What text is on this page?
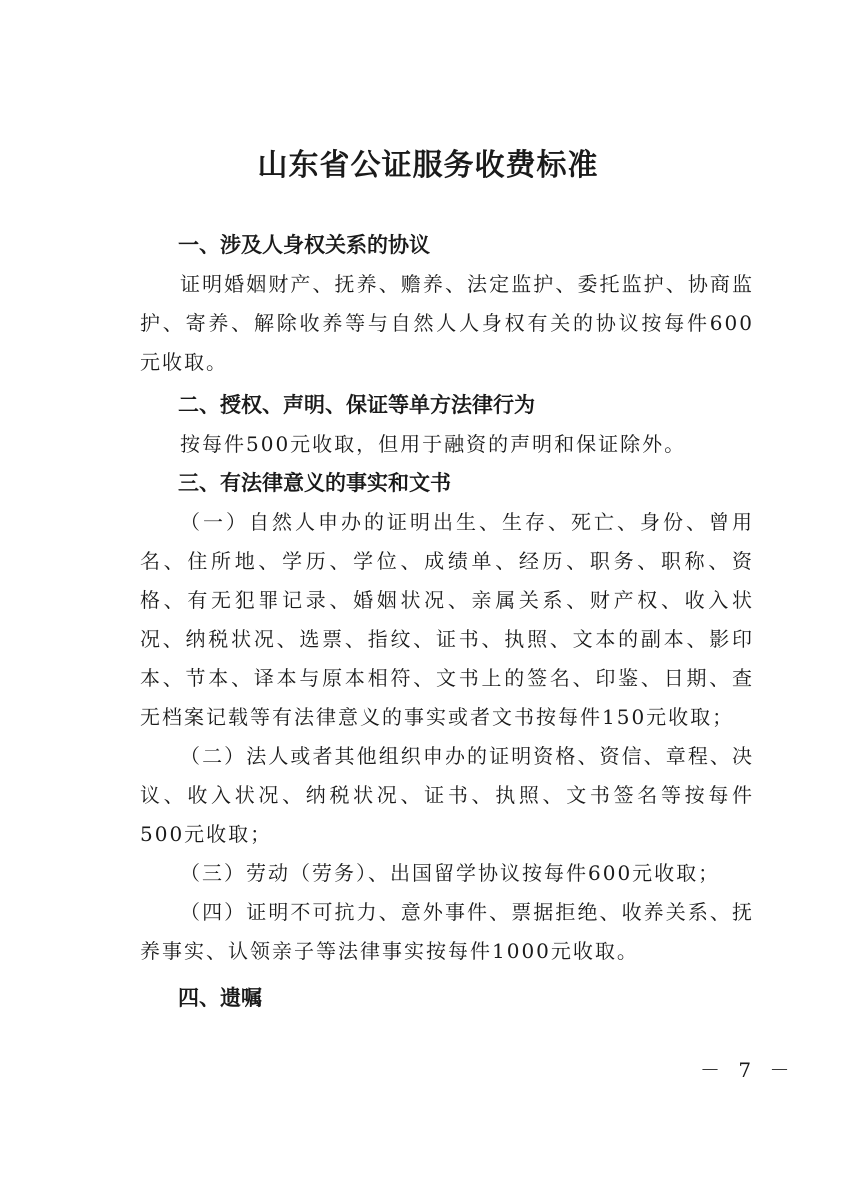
山东省公证服务收费标准
一、涉及人身权关系的协议

证明婚姻财产、抚养、赡养、法定监护、委托监护、协商监护、寄养、解除收养等与自然人人身权有关的协议按每件600元收取。

二、授权、声明、保证等单方法律行为

按每件500元收取，但用于融资的声明和保证除外。

三、有法律意义的事实和文书

（一）自然人申办的证明出生、生存、死亡、身份、曾用名、住所地、学历、学位、成绩单、经历、职务、职称、资格、有无犯罪记录、婚姻状况、亲属关系、财产权、收入状况、纳税状况、选票、指纹、证书、执照、文本的副本、影印本、节本、译本与原本相符、文书上的签名、印鉴、日期、查无档案记载等有法律意义的事实或者文书按每件150元收取；

（二）法人或者其他组织申办的证明资格、资信、章程、决议、收入状况、纳税状况、证书、执照、文书签名等按每件500元收取；

（三）劳动（劳务）、出国留学协议按每件600元收取；

（四）证明不可抗力、意外事件、票据拒绝、收养关系、抚养事实、认领亲子等法律事实按每件1000元收取。

四、遗嘱
－ 7 －
